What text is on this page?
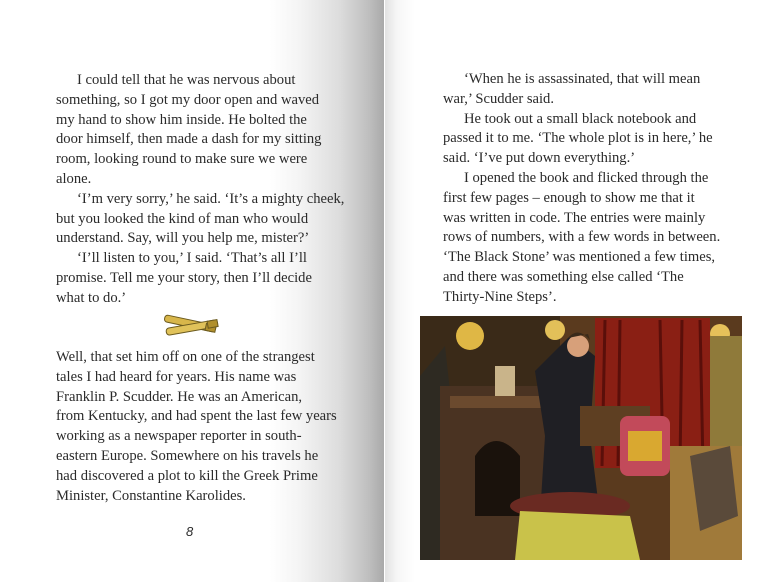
I could tell that he was nervous about
something, so I got my door open and waved
my hand to show him inside. He bolted the
door himself, then made a dash for my sitting
room, looking round to make sure we were
alone.
‘I’m very sorry,’ he said. ‘It’s a mighty cheek,
but you looked the kind of man who would
understand. Say, will you help me, mister?’
‘I’ll listen to you,’ I said. ‘That’s all I’ll
promise. Tell me your story, then I’ll decide
what to do.’
Well, that set him off on one of the strangest
tales I had heard for years. His name was
Franklin P. Scudder. He was an American,
from Kentucky, and had spent the last few years
working as a newspaper reporter in south-
eastern Europe. Somewhere on his travels he
had discovered a plot to kill the Greek Prime
Minister, Constantine Karolides.
8
‘When he is assassinated, that will mean
war,’ Scudder said.
He took out a small black notebook and
passed it to me. ‘The whole plot is in here,’ he
said. ‘I’ve put down everything.’
I opened the book and flicked through the
first few pages – enough to show me that it
was written in code. The entries were mainly
rows of numbers, with a few words in between.
‘The Black Stone’ was mentioned a few times,
and there was something else called ‘The
Thirty-Nine Steps’.
